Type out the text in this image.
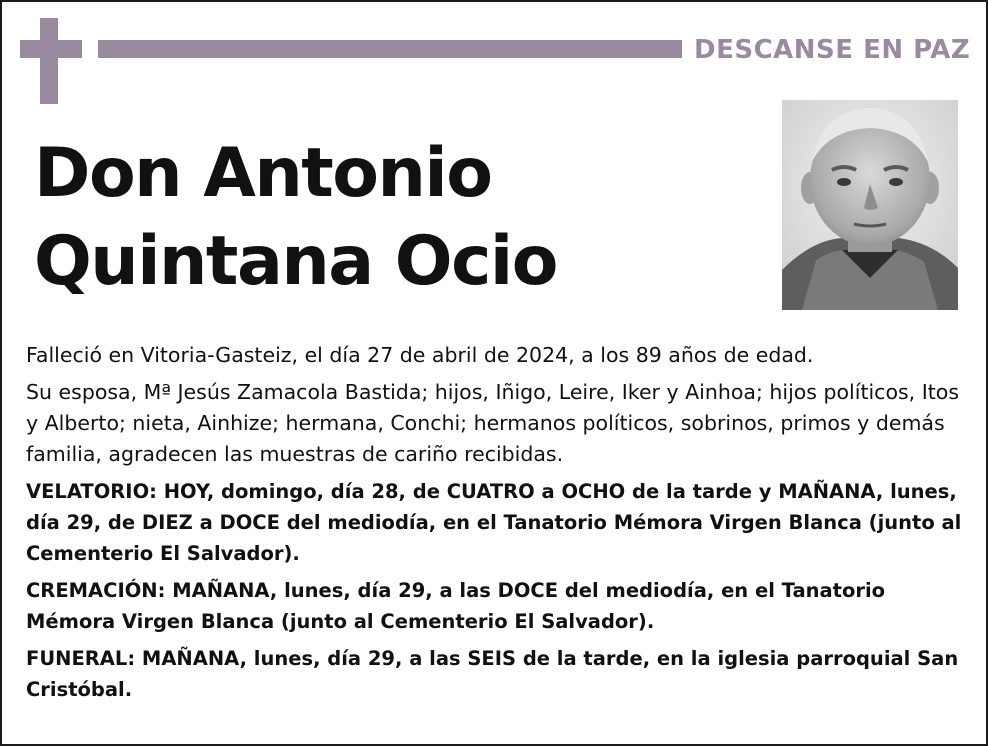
DESCANSE EN PAZ
Don Antonio
Quintana Ocio

Falleció en Vitoria-Gasteiz, el día 27 de abril de 2024, a los 89 años de edad.

Su esposa, Mª Jesús Zamacola Bastida; hijos, Iñigo, Leire, Iker y Ainhoa; hijos políticos, Itos y Alberto; nieta, Ainhize; hermana, Conchi; hermanos políticos, sobrinos, primos y demás familia, agradecen las muestras de cariño recibidas.

VELATORIO: HOY, domingo, día 28, de CUATRO a OCHO de la tarde y MAÑANA, lunes, día 29, de DIEZ a DOCE del mediodía, en el Tanatorio Mémora Virgen Blanca (junto al Cementerio El Salvador).

CREMACIÓN: MAÑANA, lunes, día 29, a las DOCE del mediodía, en el Tanatorio Mémora Virgen Blanca (junto al Cementerio El Salvador).

FUNERAL: MAÑANA, lunes, día 29, a las SEIS de la tarde, en la iglesia parroquial San Cristóbal.
